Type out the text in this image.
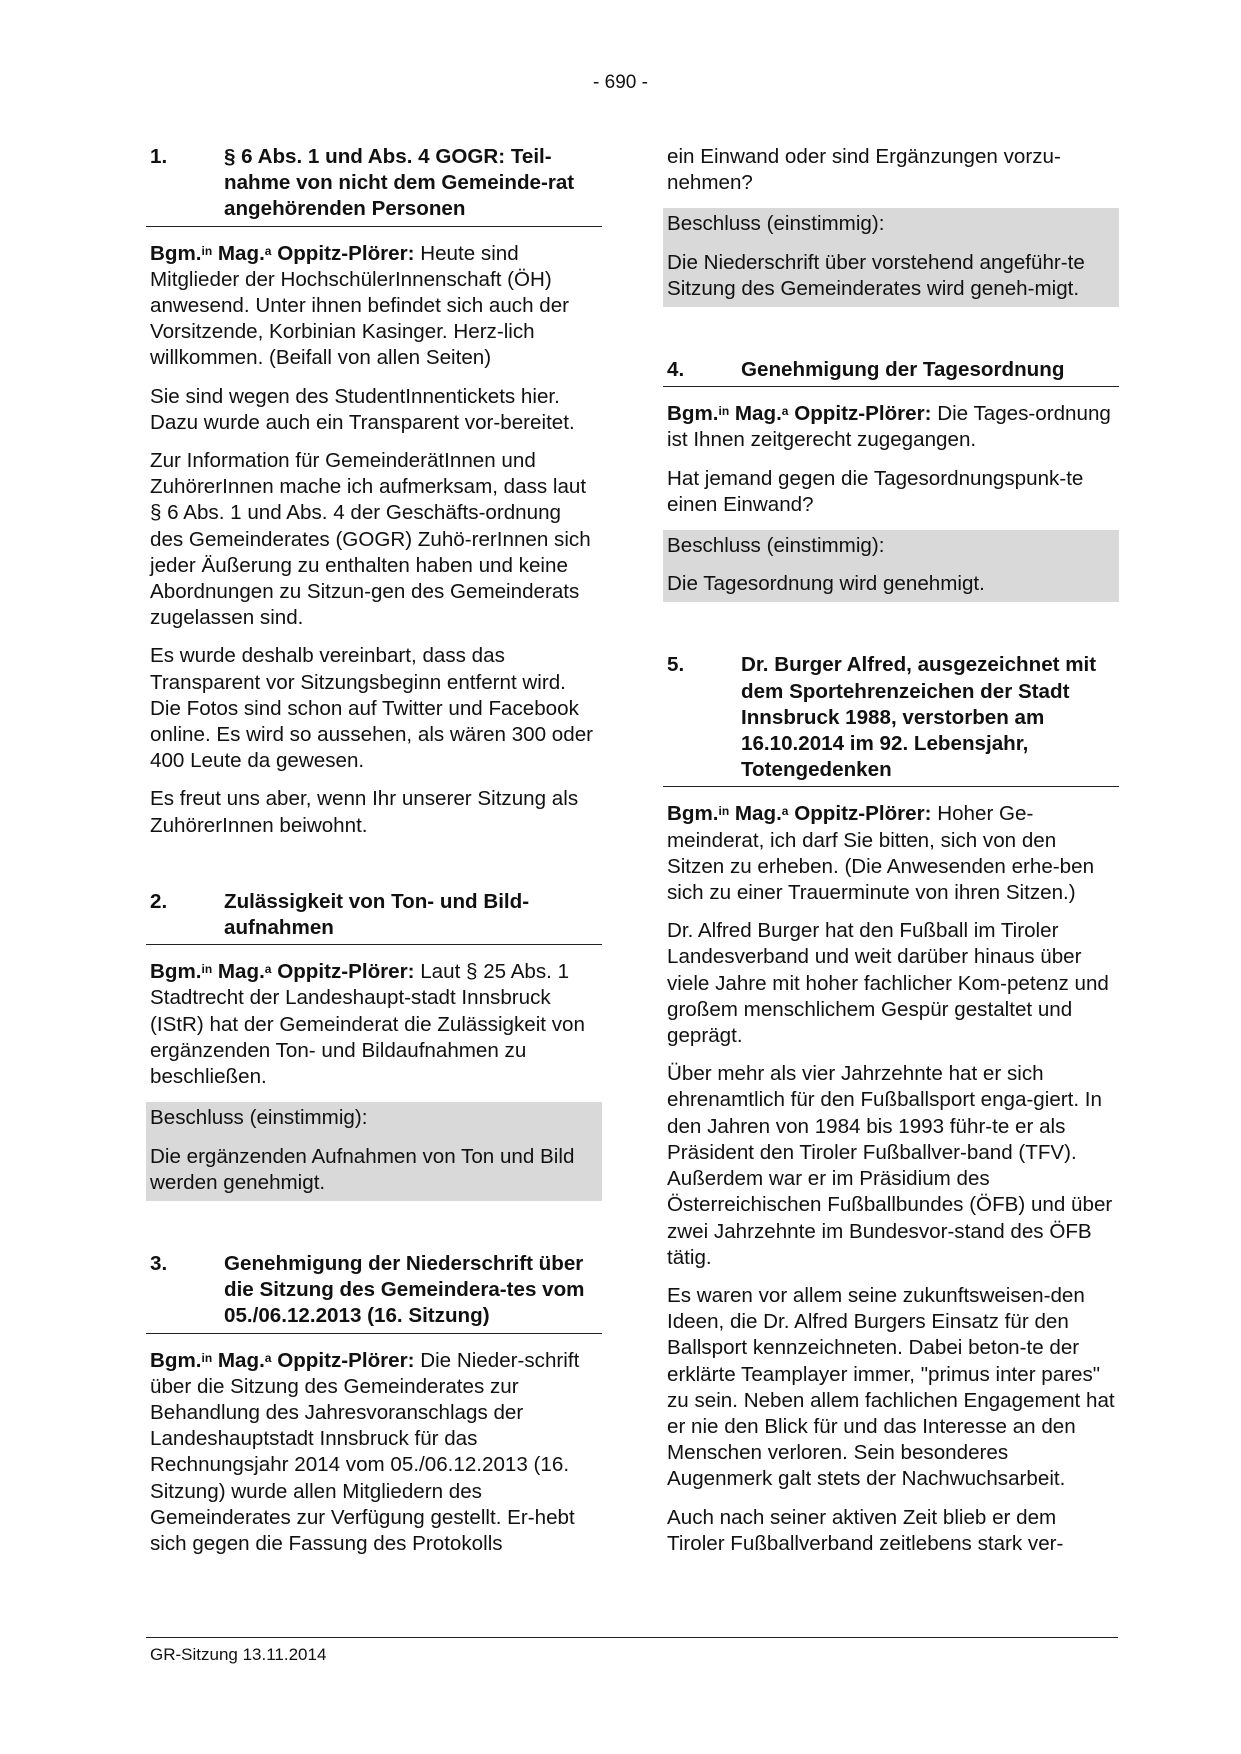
- 690 -
1.	§ 6 Abs. 1 und Abs. 4 GOGR: Teil-nahme von nicht dem Gemeinde-rat angehörenden Personen

Bgm.$^{in}$ Mag.$^a$ Oppitz-Plörer: Heute sind Mitglieder der HochschülerInnenschaft (ÖH) anwesend. Unter ihnen befindet sich auch der Vorsitzende, Korbinian Kasinger. Herz-lich willkommen. (Beifall von allen Seiten)

Sie sind wegen des StudentInnentickets hier. Dazu wurde auch ein Transparent vor-bereitet.

Zur Information für GemeinderätInnen und ZuhörerInnen mache ich aufmerksam, dass laut § 6 Abs. 1 und Abs. 4 der Geschäfts-ordnung des Gemeinderates (GOGR) Zuhö-rerInnen sich jeder Äußerung zu enthalten haben und keine Abordnungen zu Sitzun-gen des Gemeinderats zugelassen sind.

Es wurde deshalb vereinbart, dass das Transparent vor Sitzungsbeginn entfernt wird. Die Fotos sind schon auf Twitter und Facebook online. Es wird so aussehen, als wären 300 oder 400 Leute da gewesen.

Es freut uns aber, wenn Ihr unserer Sitzung als ZuhörerInnen beiwohnt.

2.	Zulässigkeit von Ton- und Bild-aufnahmen

Bgm.$^{in}$ Mag.$^a$ Oppitz-Plörer: Laut § 25 Abs. 1 Stadtrecht der Landeshaupt-stadt Innsbruck (IStR) hat der Gemeinderat die Zulässigkeit von ergänzenden Ton- und Bildaufnahmen zu beschließen.

Beschluss (einstimmig):

Die ergänzenden Aufnahmen von Ton und Bild werden genehmigt.

3.	Genehmigung der Niederschrift über die Sitzung des Gemeindera-tes vom 05./06.12.2013 (16. Sitzung)

Bgm.$^{in}$ Mag.$^a$ Oppitz-Plörer: Die Nieder-schrift über die Sitzung des Gemeinderates zur Behandlung des Jahresvoranschlags der Landeshauptstadt Innsbruck für das Rechnungsjahr 2014 vom 05./06.12.2013 (16. Sitzung) wurde allen Mitgliedern des Gemeinderates zur Verfügung gestellt. Er-hebt sich gegen die Fassung des Protokolls

ein Einwand oder sind Ergänzungen vorzu-nehmen?

Beschluss (einstimmig):

Die Niederschrift über vorstehend angeführ-te Sitzung des Gemeinderates wird geneh-migt.

4.	Genehmigung der Tagesordnung

Bgm.$^{in}$ Mag.$^a$ Oppitz-Plörer: Die Tages-ordnung ist Ihnen zeitgerecht zugegangen.

Hat jemand gegen die Tagesordnungspunk-te einen Einwand?

Beschluss (einstimmig):

Die Tagesordnung wird genehmigt.

5.	Dr. Burger Alfred, ausgezeichnet mit dem Sportehrenzeichen der Stadt Innsbruck 1988, verstorben am 16.10.2014 im 92. Lebensjahr, Totengedenken

Bgm.$^{in}$ Mag.$^a$ Oppitz-Plörer: Hoher Ge-meinderat, ich darf Sie bitten, sich von den Sitzen zu erheben. (Die Anwesenden erhe-ben sich zu einer Trauerminute von ihren Sitzen.)

Dr. Alfred Burger hat den Fußball im Tiroler Landesverband und weit darüber hinaus über viele Jahre mit hoher fachlicher Kom-petenz und großem menschlichem Gespür gestaltet und geprägt.

Über mehr als vier Jahrzehnte hat er sich ehrenamtlich für den Fußballsport enga-giert. In den Jahren von 1984 bis 1993 führ-te er als Präsident den Tiroler Fußballver-band (TFV). Außerdem war er im Präsidium des Österreichischen Fußballbundes (ÖFB) und über zwei Jahrzehnte im Bundesvor-stand des ÖFB tätig.

Es waren vor allem seine zukunftsweisen-den Ideen, die Dr. Alfred Burgers Einsatz für den Ballsport kennzeichneten. Dabei beton-te der erklärte Teamplayer immer, "primus inter pares" zu sein. Neben allem fachlichen Engagement hat er nie den Blick für und das Interesse an den Menschen verloren. Sein besonderes Augenmerk galt stets der Nachwuchsarbeit.

Auch nach seiner aktiven Zeit blieb er dem Tiroler Fußballverband zeitlebens stark ver-

GR-Sitzung 13.11.2014
